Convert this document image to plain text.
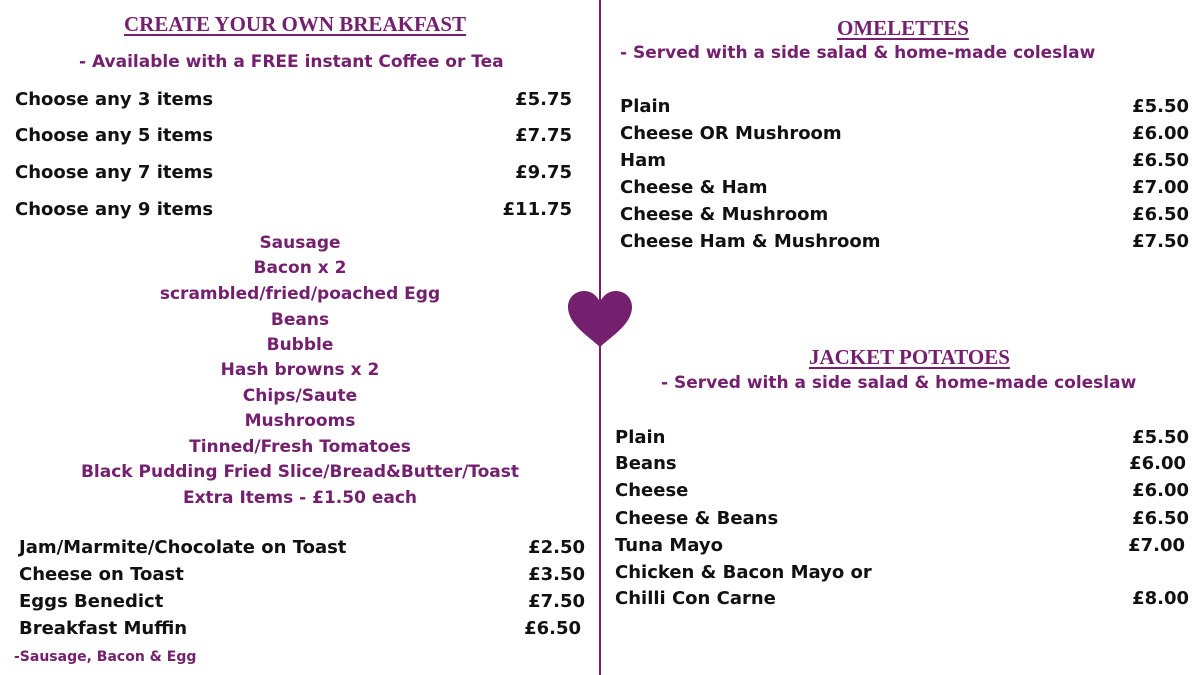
CREATE YOUR OWN BREAKFAST
- Available with a FREE instant Coffee or Tea
Choose any 3 items	£5.75
Choose any 5 items	£7.75
Choose any 7 items	£9.75
Choose any 9 items	£11.75
Sausage
Bacon x 2
scrambled/fried/poached Egg
Beans
Bubble
Hash browns x 2
Chips/Saute
Mushrooms
Tinned/Fresh Tomatoes
Black Pudding Fried Slice/Bread&Butter/Toast
Extra Items - £1.50 each
Jam/Marmite/Chocolate on Toast	£2.50
Cheese on Toast	£3.50
Eggs Benedict	£7.50
Breakfast Muffin	£6.50
-Sausage, Bacon & Egg
OMELETTES
- Served with a side salad & home-made coleslaw
Plain	£5.50
Cheese OR Mushroom	£6.00
Ham	£6.50
Cheese & Ham	£7.00
Cheese & Mushroom	£6.50
Cheese Ham & Mushroom	£7.50
JACKET POTATOES
- Served with a side salad & home-made coleslaw
Plain	£5.50
Beans	£6.00
Cheese	£6.00
Cheese & Beans	£6.50
Tuna Mayo	£7.00
Chicken & Bacon Mayo or
Chilli Con Carne	£8.00
